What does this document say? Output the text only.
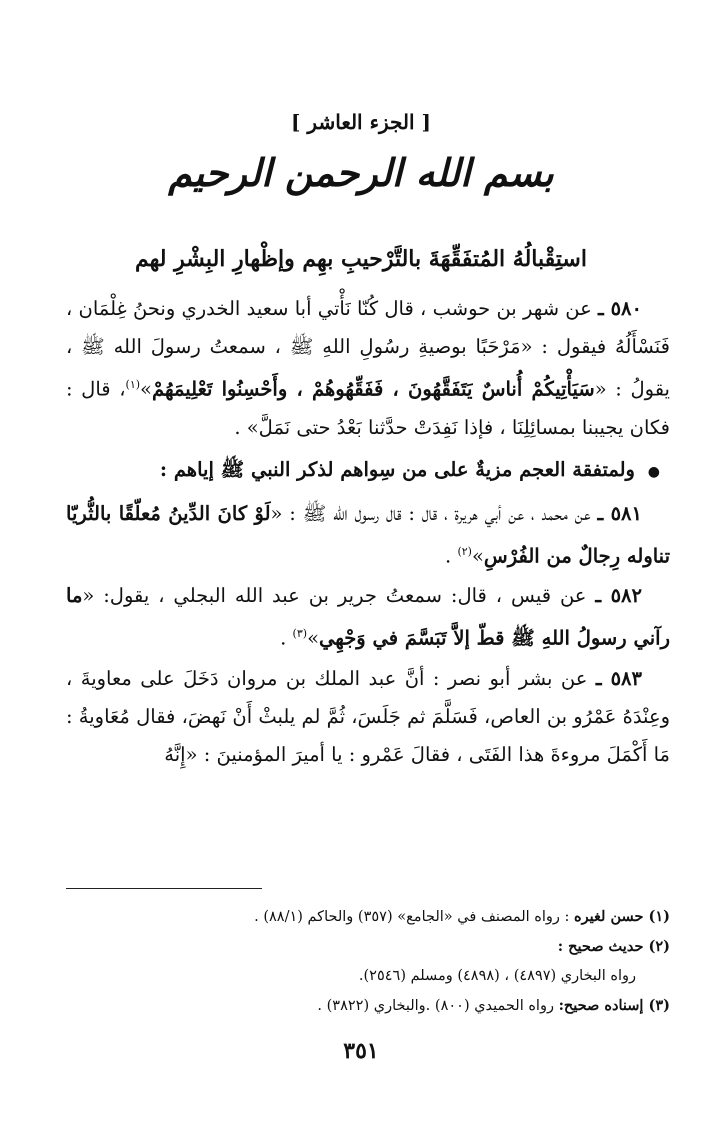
[ الجزء العاشر ]
بسم الله الرحمن الرحيم
استِقْبالُهُ المُتفَقِّهَةَ بالتَّرْحيبِ بهِم وإظْهارِ البِشْرِ لهم

٥٨٠ ـ عن شهر بن حوشب ، قال كُنّا نَأْتي أبا سعيد الخدري ونحنُ غِلْمَان ، فَنَسْأَلُهُ فيقول : «مَرْحَبًا بوصيةِ رسُولِ اللهِ ﷺ ، سمعتُ رسولَ الله ﷺ ، يقولُ : «سَيَأْتِيكُمْ أُناسٌ يَتَفَقَّهُونَ ، فَفَقِّهُوهُمْ ، وأَحْسِنُوا تَعْلِيمَهُمْ»$^{(١)}$، قال : فكان يجيبنا بمسائِلِنَا ، فإذا نَفِدَتْ حدَّثنا بَعْدُ حتى نَمَلَّ» .

● ولمتفقة العجم مزيةٌ على من سِواهم لذكر النبي ﷺ إياهم :

٥٨١ ـ عن محمد ، عن أبي هريرة ، قال : قال رسول الله ﷺ : «لَوْ كانَ الدِّينُ مُعلّقًا بالثُّريّا تناوله رِجالٌ من الفُرْسِ»$^{(٢)}$ .

٥٨٢ ـ عن قيس ، قال: سمعتُ جرير بن عبد الله البجلي ، يقول: «ما رآني رسولُ اللهِ ﷺ قطّ إلاَّ تَبَسَّمَ في وَجْهِي»$^{(٣)}$ .

٥٨٣ ـ عن بشر أبو نصر : أنَّ عبد الملك بن مروان دَخَلَ على معاويةَ ، وعِنْدَهُ عَمْرُو بن العاص، فَسَلَّمَ ثم جَلَسَ، ثُمَّ لم يلبثْ أَنْ نَهضَ، فقال مُعَاويةُ : مَا أَكْمَلَ مروءةَ هذا الفَتَى ، فقالَ عَمْرو : يا أميرَ المؤمنينَ : «إِنَّهُ

(١) حسن لغيره : رواه المصنف في «الجامع» (٣٥٧) والحاكم (٨٨/١) .
(٢) حديث صحيح :
رواه البخاري (٤٨٩٧) ، (٤٨٩٨) ومسلم (٢٥٤٦).
(٣) إسناده صحيح: رواه الحميدي (٨٠٠) .والبخاري (٣٨٢٢) .
٣٥١
